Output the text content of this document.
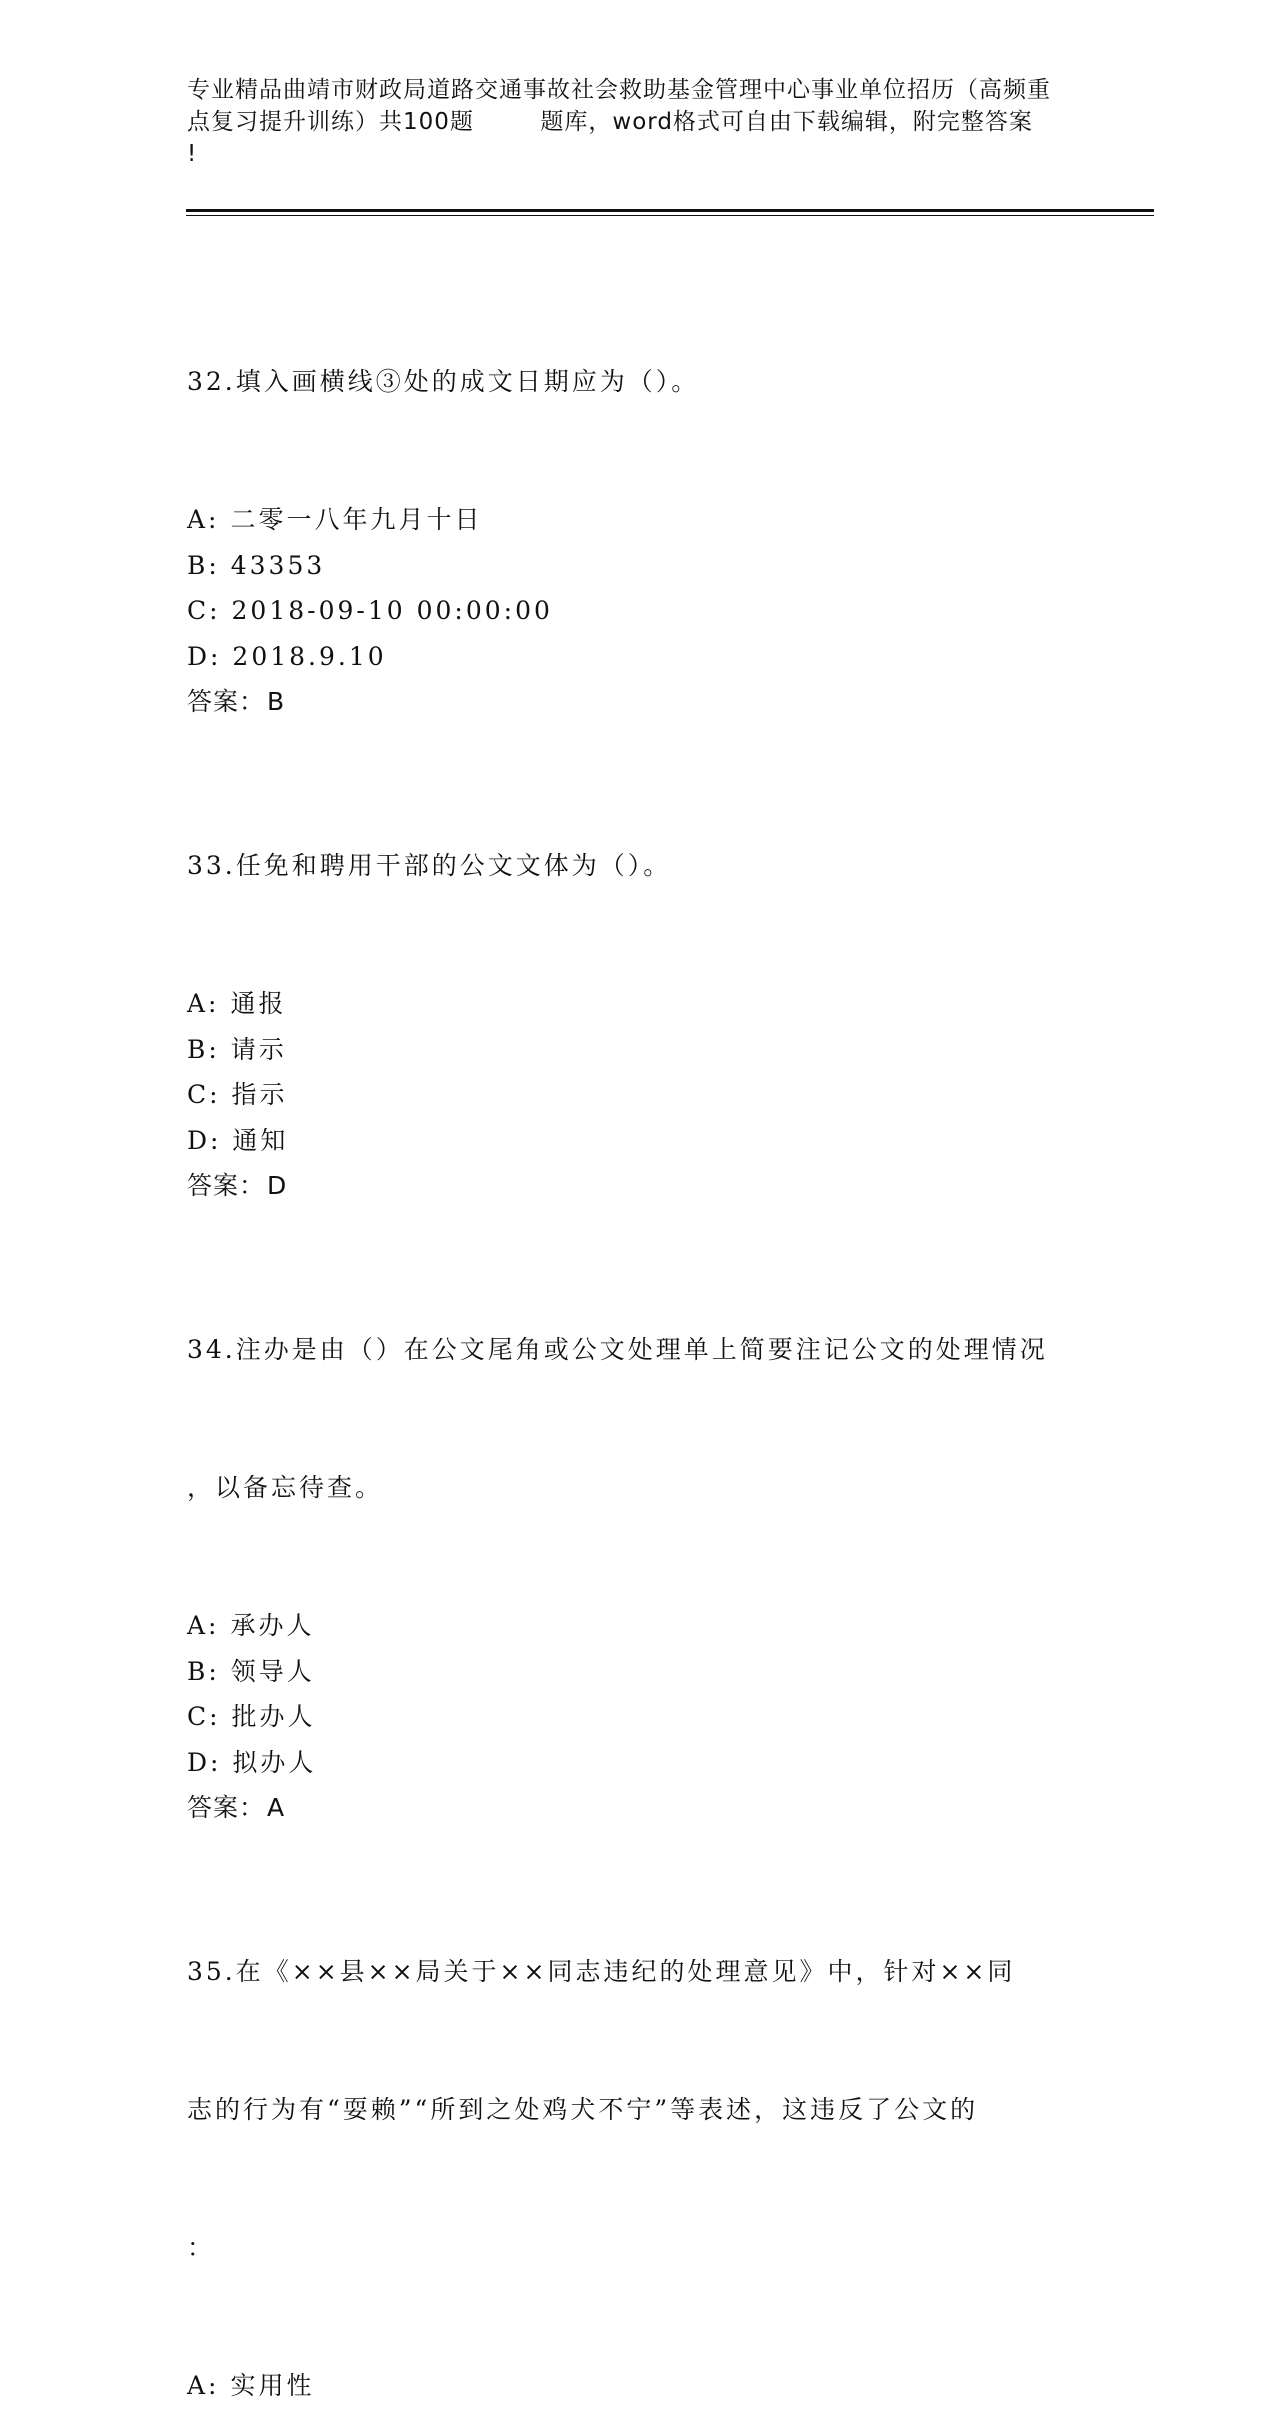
专业精品曲靖市财政局道路交通事故社会救助基金管理中心事业单位招历（高频重
点复习提升训练）共100题        题库，word格式可自由下载编辑，附完整答案
!

32.填入画横线③处的成文日期应为（）。

A: 二零一八年九月十日
B: 43353
C: 2018-09-10 00:00:00
D: 2018.9.10
答案：B

33.任免和聘用干部的公文文体为（）。

A: 通报
B: 请示
C: 指示
D: 通知
答案：D

34.注办是由（）在公文尾角或公文处理单上简要注记公文的处理情况

，以备忘待查。

A: 承办人
B: 领导人
C: 批办人
D: 拟办人
答案：A

35.在《××县××局关于××同志违纪的处理意见》中，针对××同

志的行为有“耍赖”“所到之处鸡犬不宁”等表述，这违反了公文的

：

A: 实用性
